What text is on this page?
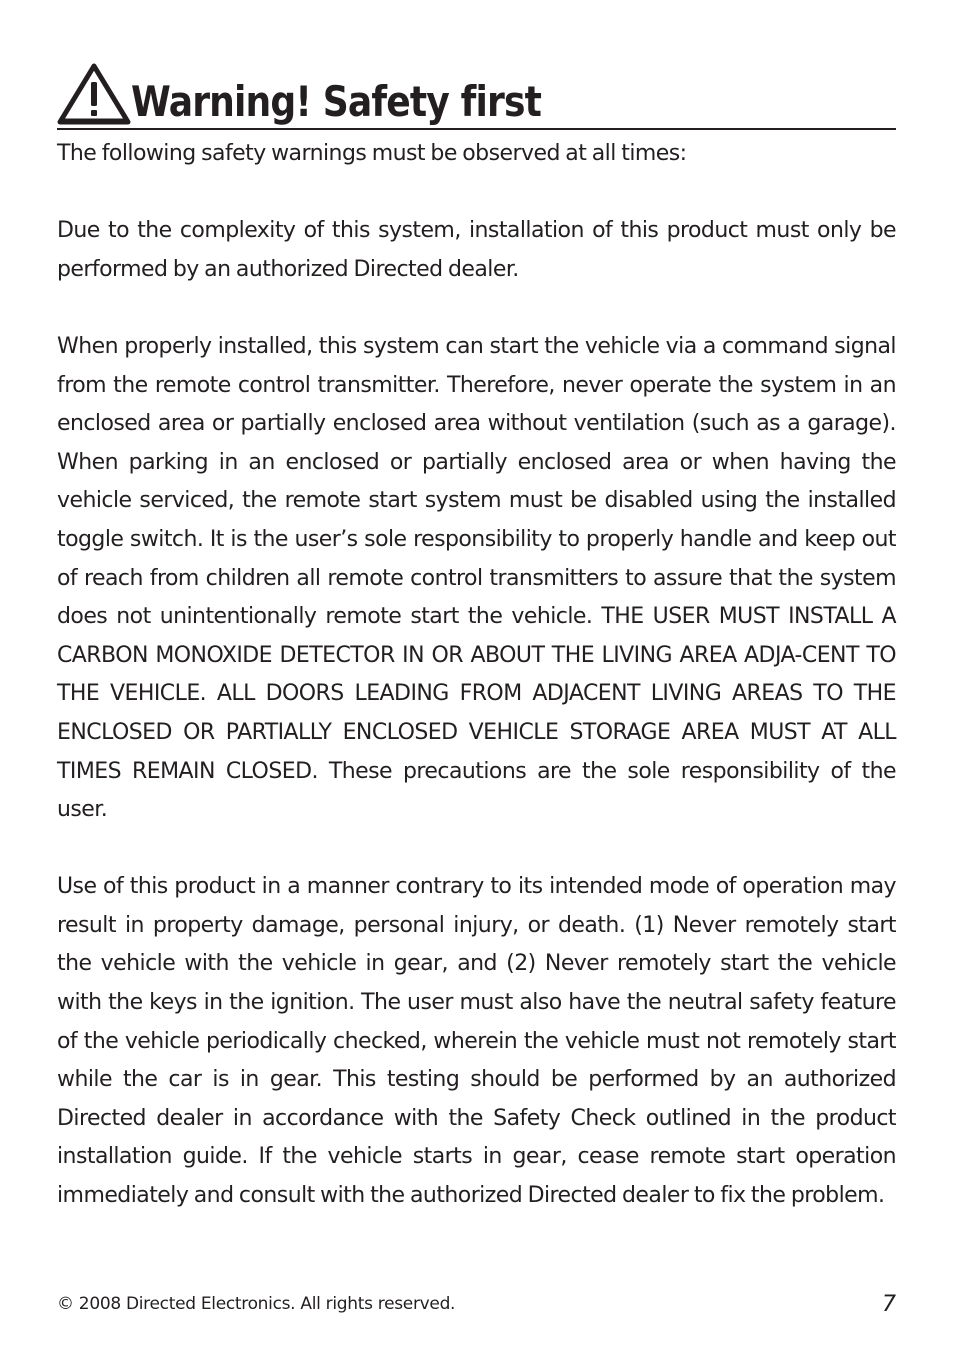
Warning! Safety first

The following safety warnings must be observed at all times:

Due to the complexity of this system, installation of this product must only be performed by an authorized Directed dealer.

When properly installed, this system can start the vehicle via a command signal from the remote control transmitter. Therefore, never operate the system in an enclosed area or partially enclosed area without ventilation (such as a garage). When parking in an enclosed or partially enclosed area or when having the vehicle serviced, the remote start system must be disabled using the installed toggle switch. It is the user’s sole responsibility to properly handle and keep out of reach from children all remote control transmitters to assure that the system does not unintentionally remote start the vehicle. THE USER MUST INSTALL A CARBON MONOXIDE DETECTOR IN OR ABOUT THE LIVING AREA ADJA-CENT TO THE VEHICLE. ALL DOORS LEADING FROM ADJACENT LIVING AREAS TO THE ENCLOSED OR PARTIALLY ENCLOSED VEHICLE STORAGE AREA MUST AT ALL TIMES REMAIN CLOSED. These precautions are the sole responsibility of the user.

Use of this product in a manner contrary to its intended mode of operation may result in property damage, personal injury, or death. (1) Never remotely start the vehicle with the vehicle in gear, and (2) Never remotely start the vehicle with the keys in the ignition. The user must also have the neutral safety feature of the vehicle periodically checked, wherein the vehicle must not remotely start while the car is in gear. This testing should be performed by an authorized Directed dealer in accordance with the Safety Check outlined in the product installation guide. If the vehicle starts in gear, cease remote start operation immediately and consult with the authorized Directed dealer to fix the problem.

© 2008 Directed Electronics. All rights reserved.	7
